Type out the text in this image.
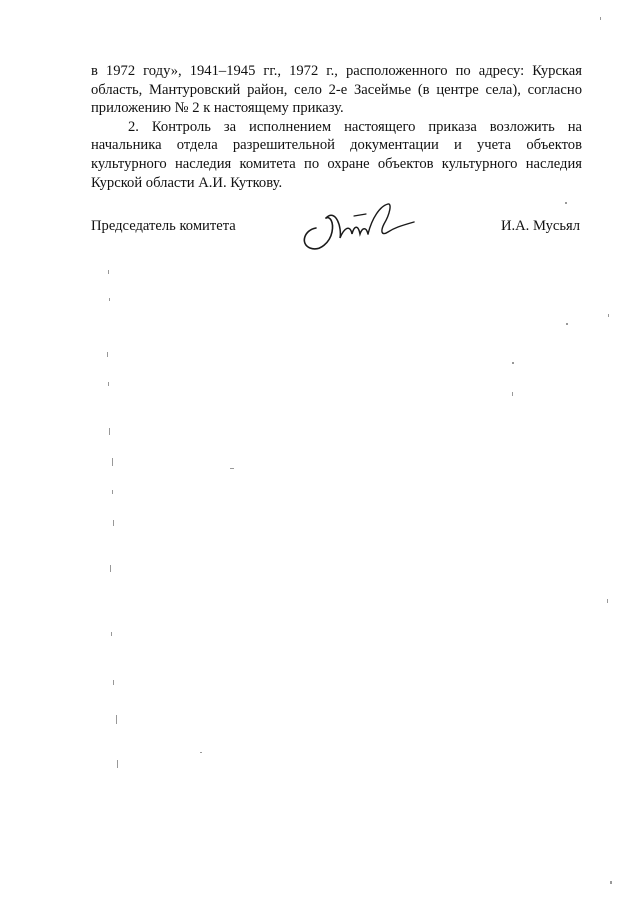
в 1972 году», 1941–1945 гг., 1972 г., расположенного по адресу: Курская
область, Мантуровский район, село 2-е Засеймье (в центре села), согласно
приложению № 2 к настоящему приказу.
2. Контроль за исполнением настоящего приказа возложить на
начальника отдела разрешительной документации и учета объектов
культурного наследия комитета по охране объектов культурного наследия
Курской области А.И. Куткову.
Председатель комитета	И.А. Мусьял
